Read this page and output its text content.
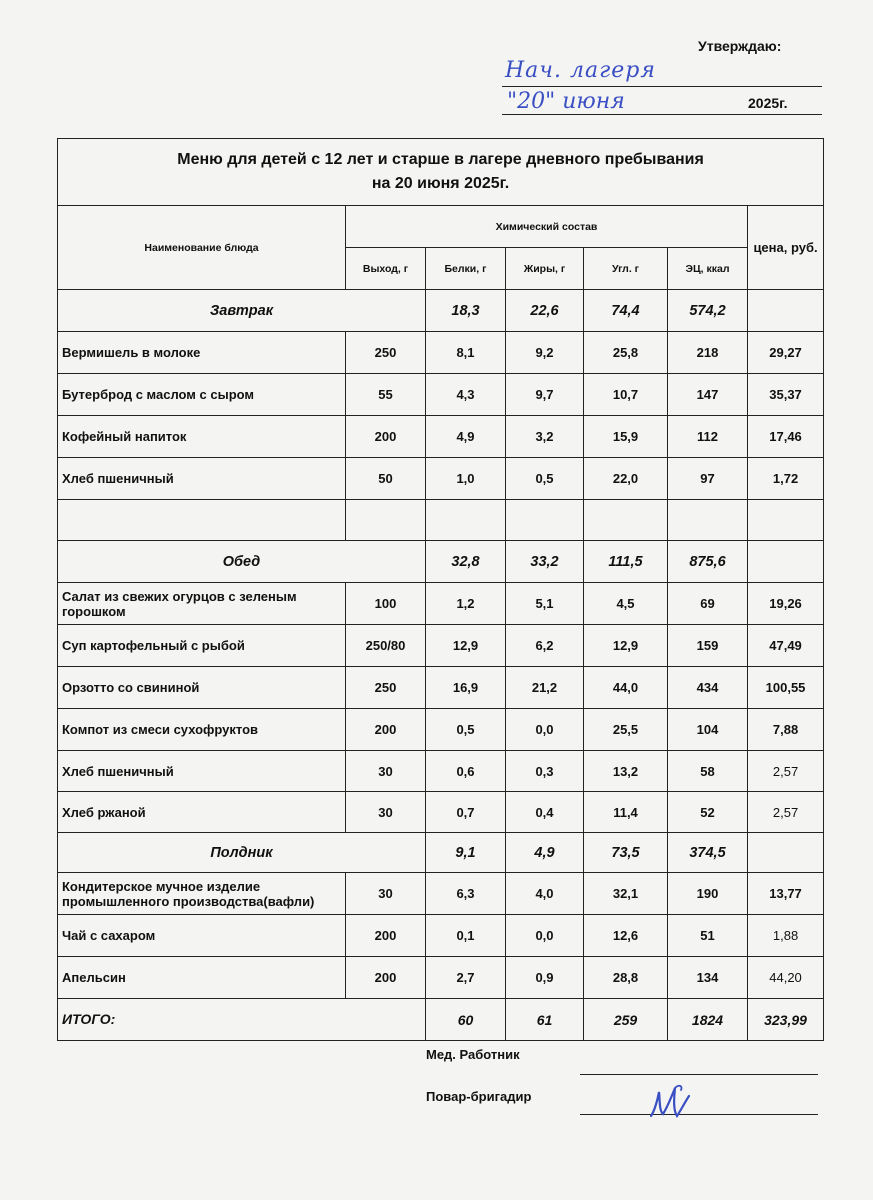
Утверждаю:
Нач. лагеря
"20" июня	2025г.
Меню для детей с 12 лет и старше в лагере дневного пребывания
на 20 июня 2025г.						

Наименование блюда	Химический состав					цена, руб.
	Выход, г	Белки, г	Жиры, г	Угл. г	ЭЦ, ккал	
Завтрак		18,3	22,6	74,4	574,2	
Вермишель в молоке	250	8,1	9,2	25,8	218	29,27
Бутерброд с маслом с сыром	55	4,3	9,7	10,7	147	35,37
Кофейный напиток	200	4,9	3,2	15,9	112	17,46
Хлеб пшеничный	50	1,0	0,5	22,0	97	1,72

Обед		32,8	33,2	111,5	875,6	
Салат из свежих огурцов с зеленым горошком	100	1,2	5,1	4,5	69	19,26
Суп картофельный с рыбой	250/80	12,9	6,2	12,9	159	47,49
Орзотто со свининой	250	16,9	21,2	44,0	434	100,55
Компот из смеси сухофруктов	200	0,5	0,0	25,5	104	7,88
Хлеб пшеничный	30	0,6	0,3	13,2	58	2,57
Хлеб ржаной	30	0,7	0,4	11,4	52	2,57
Полдник		9,1	4,9	73,5	374,5	
Кондитерское мучное изделие промышленного производства(вафли)	30	6,3	4,0	32,1	190	13,77
Чай с сахаром	200	0,1	0,0	12,6	51	1,88
Апельсин	200	2,7	0,9	28,8	134	44,20
ИТОГО:		60	61	259	1824	323,99
Мед. Работник
Повар-бригадир
